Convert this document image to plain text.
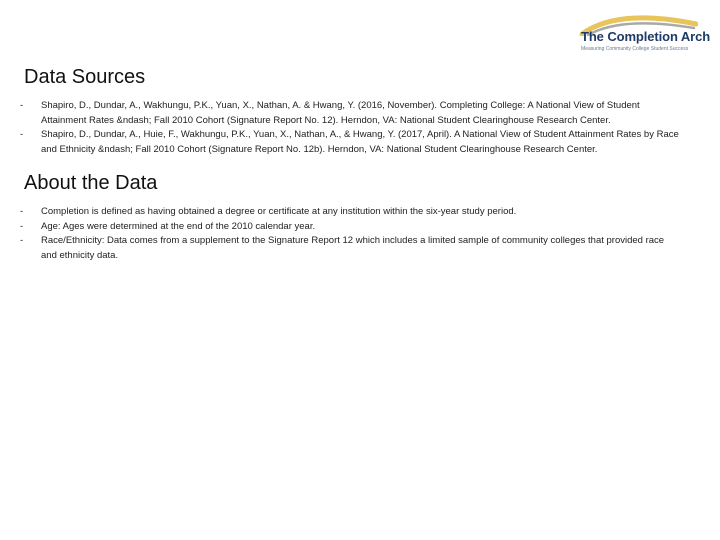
The Completion Arch
Measuring Community College Student Success
Data Sources
- Shapiro, D., Dundar, A., Wakhungu, P.K., Yuan, X., Nathan, A. & Hwang, Y. (2016, November). Completing College: A National View of Student Attainment Rates &ndash; Fall 2010 Cohort (Signature Report No. 12). Herndon, VA: National Student Clearinghouse Research Center.
- Shapiro, D., Dundar, A., Huie, F., Wakhungu, P.K., Yuan, X., Nathan, A., & Hwang, Y. (2017, April). A National View of Student Attainment Rates by Race and Ethnicity &ndash; Fall 2010 Cohort (Signature Report No. 12b). Herndon, VA: National Student Clearinghouse Research Center.
About the Data
- Completion is defined as having obtained a degree or certificate at any institution within the six-year study period.
- Age: Ages were determined at the end of the 2010 calendar year.
- Race/Ethnicity: Data comes from a supplement to the Signature Report 12 which includes a limited sample of community colleges that provided race and ethnicity data.
